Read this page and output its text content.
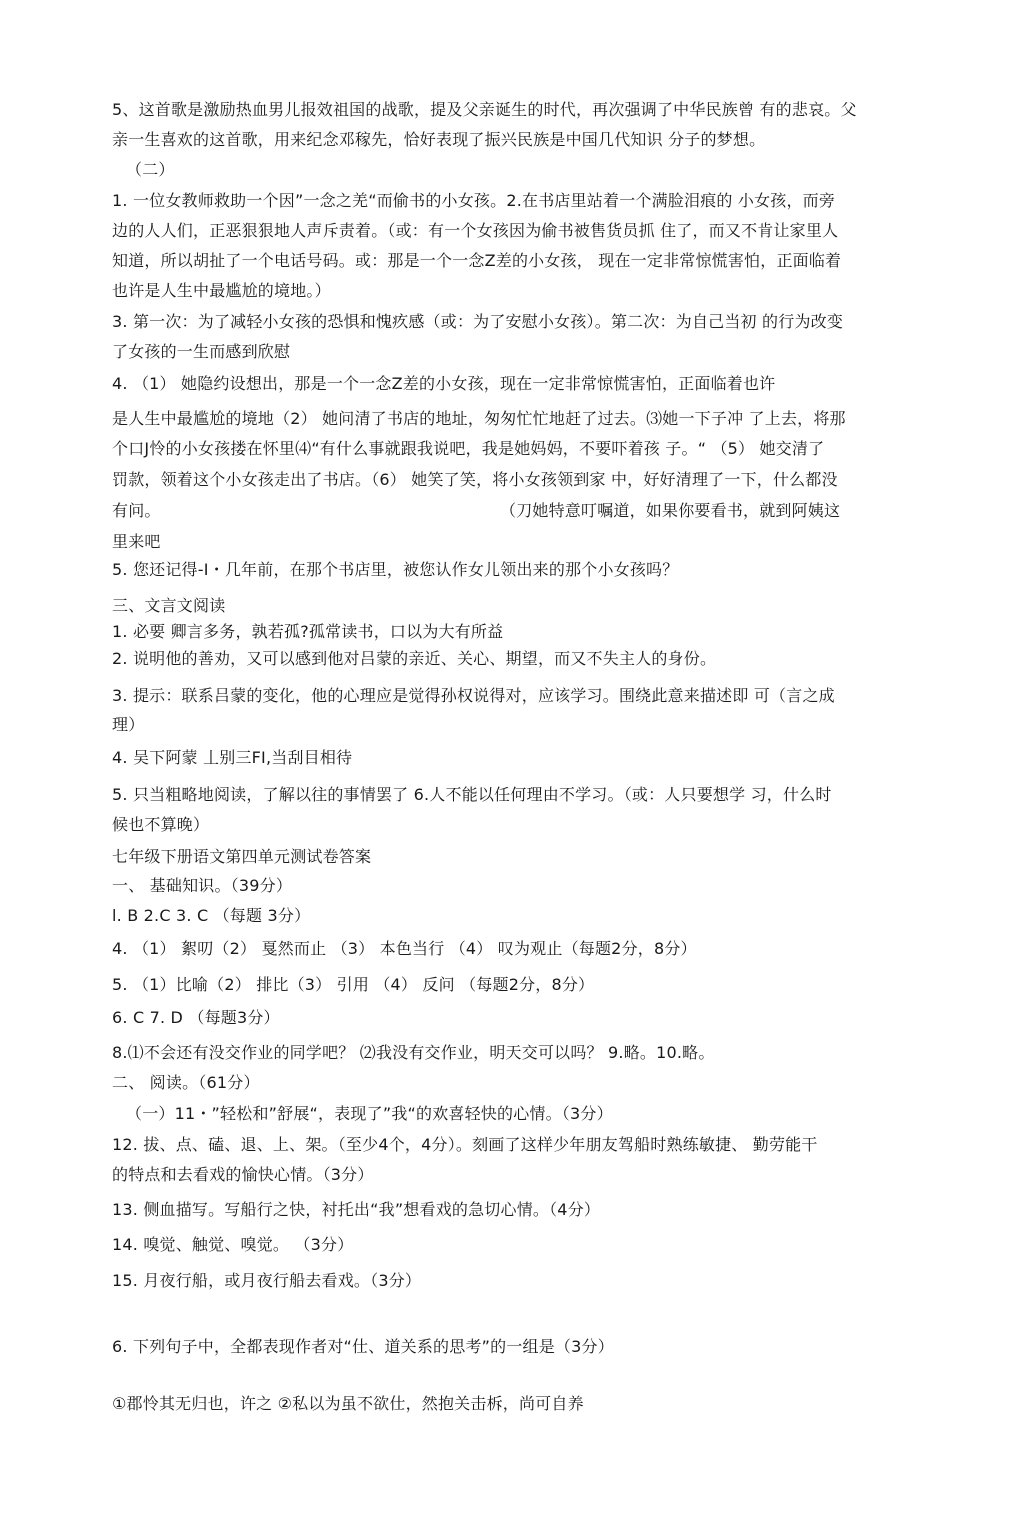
5、这首歌是激励热血男儿报效祖国的战歌，提及父亲诞生的时代，再次强调了中华民族曾 有的悲哀。父
亲一生喜欢的这首歌，用来纪念邓稼先，恰好表现了振兴民族是中国几代知识 分子的梦想。
（二）
1. 一位女教师救助一个因”一念之羌“而偷书的小女孩。2.在书店里站着一个满脸泪痕的 小女孩，而旁
边的人人们，正恶狠狠地人声斥责着。（或：有一个女孩因为偷书被售货员抓 住了，而又不肯让家里人
知道，所以胡扯了一个电话号码。或：那是一个一念Z差的小女孩， 现在一定非常惊慌害怕，正面临着
也许是人生中最尴尬的境地。）
3. 第一次：为了减轻小女孩的恐惧和愧疚感（或：为了安慰小女孩）。第二次：为自己当初 的行为改变
了女孩的一生而感到欣慰
4. （1） 她隐约设想出，那是一个一念Z差的小女孩，现在一定非常惊慌害怕，正面临着也许
是人生中最尴尬的境地（2） 她问清了书店的地址，匆匆忙忙地赶了过去。⑶她一下子冲 了上去，将那
个口J怜的小女孩搂在怀里⑷“有什么事就跟我说吧，我是她妈妈，不要吓着孩 子。“ （5） 她交清了
罚款，领着这个小女孩走出了书店。（6） 她笑了笑，将小女孩领到家 中，好好清理了一下，什么都没
有问。	（刀她特意叮嘱道，如果你要看书，就到阿姨这
里来吧
5. 您还记得-I・几年前，在那个书店里，被您认作女儿领出来的那个小女孩吗？
三、文言文阅读
1. 必要 卿言多务，孰若孤?孤常读书，口以为大有所益
2. 说明他的善劝，又可以感到他对吕蒙的亲近、关心、期望，而又不失主人的身份。
3. 提示：联系吕蒙的变化，他的心理应是觉得孙权说得对，应该学习。围绕此意来描述即 可（言之成
理）
4. 吴下阿蒙 丄别三FI,当刮目相待
5. 只当粗略地阅读，了解以往的事情罢了 6.人不能以任何理由不学习。（或：人只要想学 习，什么时
候也不算晚）
七年级下册语文第四单元测试卷答案
一、 基础知识。（39分）
l. B 2.C 3. C （每题 3分）
4. （1） 絮叨（2） 戛然而止 （3） 本色当行 （4） 叹为观止（每题2分，8分）
5. （1）比喻（2） 排比（3） 引用 （4） 反问 （每题2分，8分）
6. C 7. D （每题3分）
8.⑴不会还有没交作业的同学吧？ ⑵我没有交作业，明天交可以吗？ 9.略。10.略。
二、 阅读。（61分）
（一）11・”轻松和”舒展“，表现了”我“的欢喜轻快的心情。（3分）
12. 拔、点、磕、退、上、架。（至少4个，4分）。刻画了这样少年朋友驾船时熟练敏捷、 勤劳能干
的特点和去看戏的愉快心情。（3分）
13. 侧血描写。写船行之快，衬托出“我”想看戏的急切心情。（4分）
14. 嗅觉、触觉、嗅觉。 （3分）
15. 月夜行船，或月夜行船去看戏。（3分）
6. 下列句子中，全都表现作者对“仕、道关系的思考”的一组是（3分）
①郡怜其无归也，许之 ②私以为虽不欲仕，然抱关击柝，尚可自养
